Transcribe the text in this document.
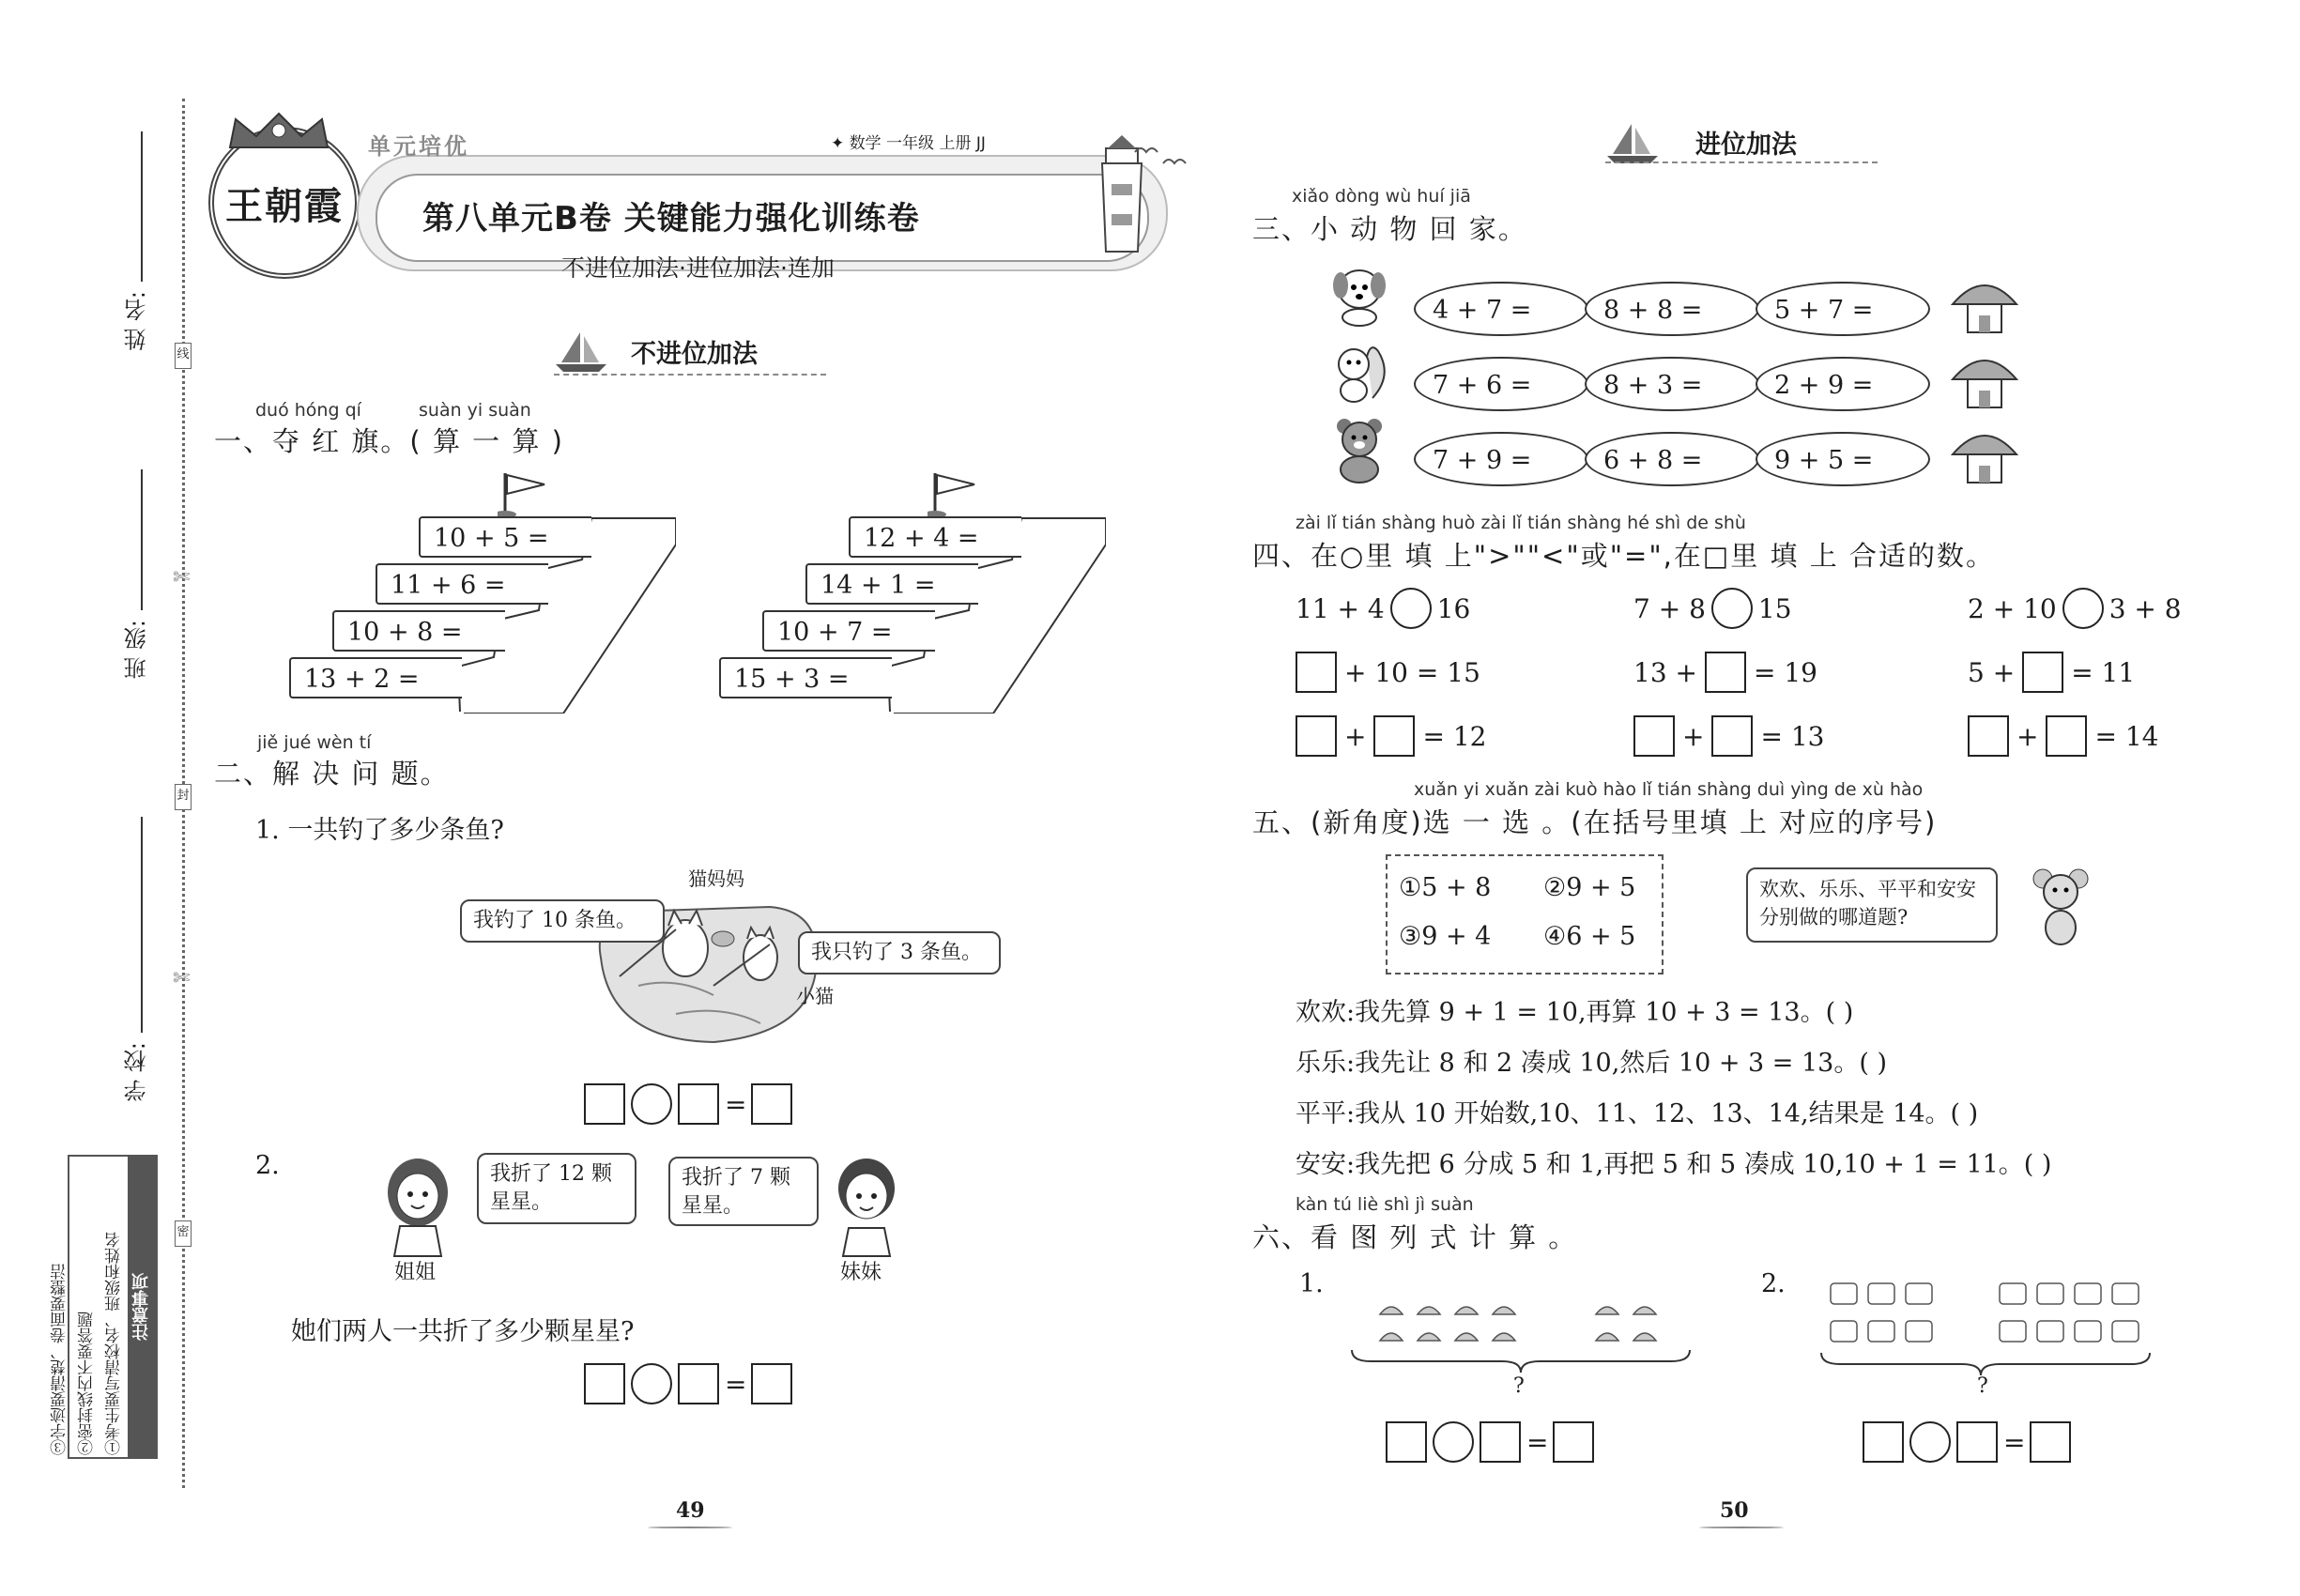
姓 名:
班 级:
学 校:
线
封
密
✄
✄
注意事项
①考生要写清校名、班级和姓名
②密封线内不要答题
③字迹要清楚、卷面要整洁
王朝霞
单元培优	✦ 数学 一年级 上册 JJ
第八单元B卷 关键能力强化训练卷
不进位加法·进位加法·连加
不进位加法
duó hóng qí	suàn yi suàn
一、夺 红 旗。( 算 一 算 )
10 + 5 =
11 + 6 =
10 + 8 =
13 + 2 =
12 + 4 =
14 + 1 =
10 + 7 =
15 + 3 =
jiě jué wèn tí
二、解 决 问 题。
1. 一共钓了多少条鱼?
猫妈妈
小猫
我钓了 10 条鱼。
我只钓了 3 条鱼。
=
2.
姐姐	妹妹
我折了 12 颗星星。
我折了 7 颗星星。
她们两人一共折了多少颗星星?
=
49
进位加法
xiǎo dòng wù huí jiā
三、小 动 物 回 家。
4 + 7 =	8 + 8 =	5 + 7 =
7 + 6 =	8 + 3 =	2 + 9 =
7 + 9 =	6 + 8 =	9 + 5 =
zài lǐ tián shàng huò zài lǐ tián shàng hé shì de shù
四、在○里 填 上">""<"或"=",在□里 填 上 合适的数。
11 + 4 16	7 + 8 15	2 + 10 3 + 8
+ 10 = 15	13 + = 19	5 + = 11
+ = 12	+ = 13	+ = 14
xuǎn yi xuǎn zài kuò hào lǐ tián shàng duì yìng de xù hào
五、(新角度)选 一 选 。(在括号里填 上 对应的序号)
①5 + 8 ②9 + 5
③9 + 4 ④6 + 5
欢欢、乐乐、平平和安安分别做的哪道题?
欢欢:我先算 9 + 1 = 10,再算 10 + 3 = 13。( )
乐乐:我先让 8 和 2 凑成 10,然后 10 + 3 = 13。( )
平平:我从 10 开始数,10、11、12、13、14,结果是 14。( )
安安:我先把 6 分成 5 和 1,再把 5 和 5 凑成 10,10 + 1 = 11。( )
kàn tú liè shì jì suàn
六、看 图 列 式 计 算 。
1.	2.
?
=
?
=
50
